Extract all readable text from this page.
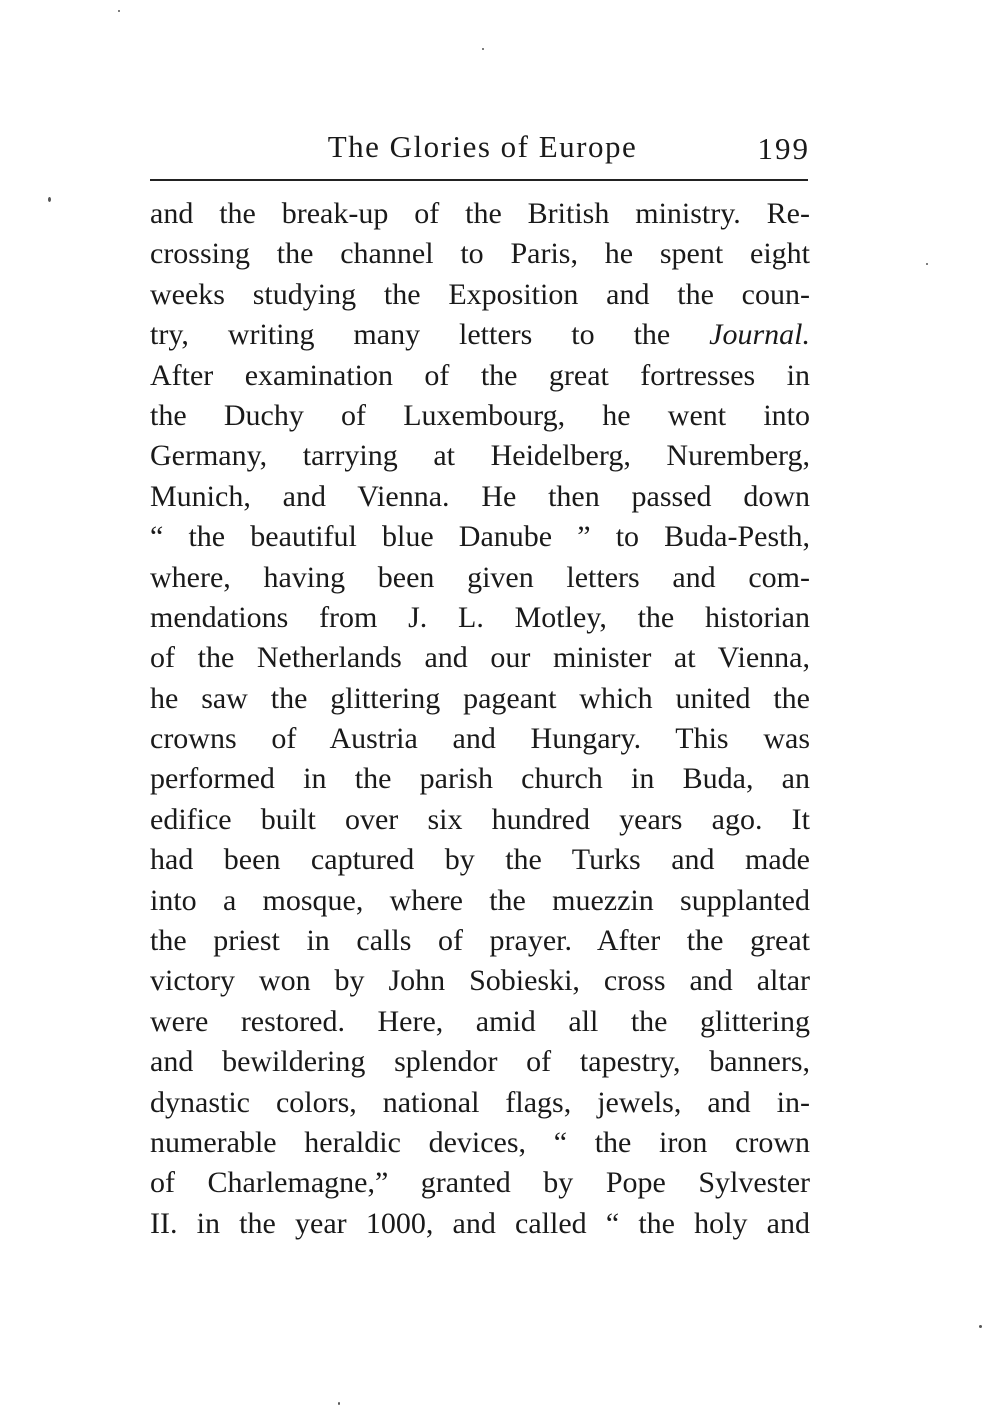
The Glories of Europe	199
and the break-up of the British ministry. Re-
crossing the channel to Paris, he spent eight
weeks studying the Exposition and the coun-
try, writing many letters to the Journal.
After examination of the great fortresses in
the Duchy of Luxembourg, he went into
Germany, tarrying at Heidelberg, Nuremberg,
Munich, and Vienna. He then passed down
“ the beautiful blue Danube ” to Buda-Pesth,
where, having been given letters and com-
mendations from J. L. Motley, the historian
of the Netherlands and our minister at Vienna,
he saw the glittering pageant which united the
crowns of Austria and Hungary. This was
performed in the parish church in Buda, an
edifice built over six hundred years ago. It
had been captured by the Turks and made
into a mosque, where the muezzin supplanted
the priest in calls of prayer. After the great
victory won by John Sobieski, cross and altar
were restored. Here, amid all the glittering
and bewildering splendor of tapestry, banners,
dynastic colors, national flags, jewels, and in-
numerable heraldic devices, “ the iron crown
of Charlemagne,” granted by Pope Sylvester
II. in the year 1000, and called “ the holy and
